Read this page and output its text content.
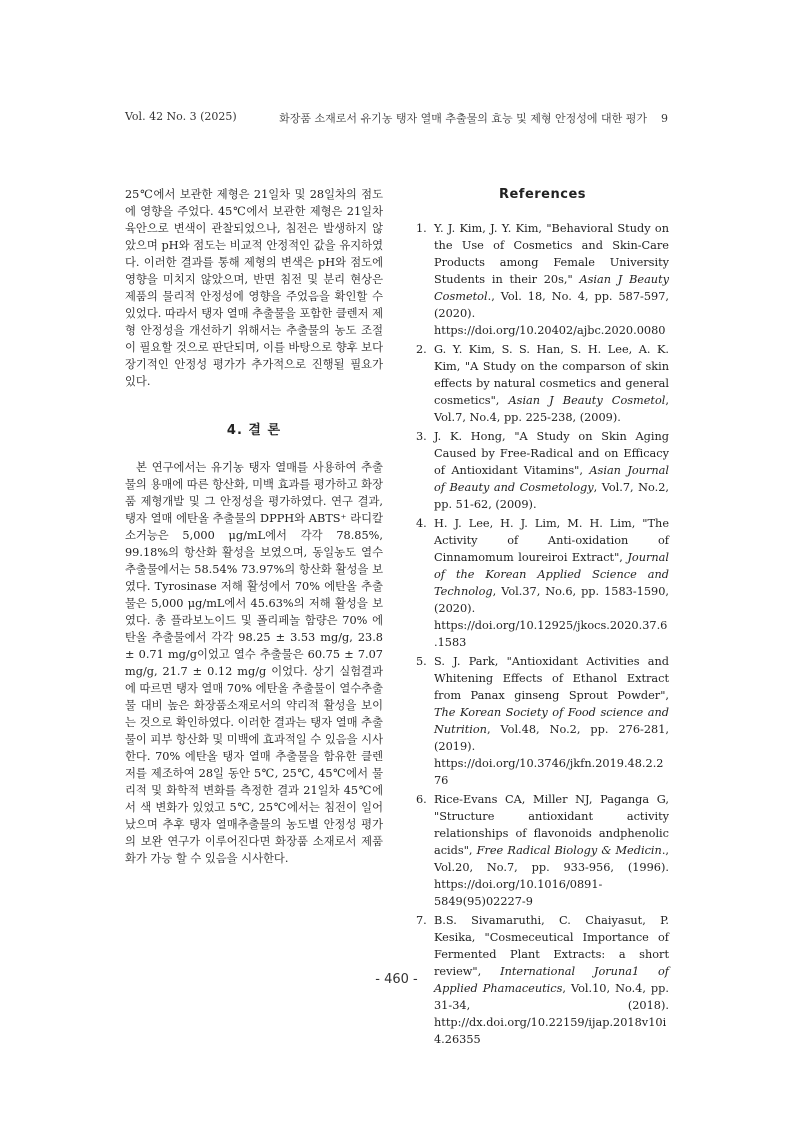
Vol. 42 No. 3 (2025)	화장품 소재로서 유기농 탱자 열매 추출물의 효능 및 제형 안정성에 대한 평가 9

25℃에서 보관한 제형은 21일차 및 28일차의 점도에 영향을 주었다. 45℃에서 보관한 제형은 21일차 육안으로 변색이 관찰되었으나, 침전은 발생하지 않았으며 pH와 점도는 비교적 안정적인 값을 유지하였다. 이러한 결과를 통해 제형의 변색은 pH와 점도에 영향을 미치지 않았으며, 반면 침전 및 분리 현상은 제품의 물리적 안정성에 영향을 주었음을 확인할 수 있었다. 따라서 탱자 열매 추출물을 포함한 클렌저 제형 안정성을 개선하기 위해서는 추출물의 농도 조절이 필요할 것으로 판단되며, 이를 바탕으로 향후 보다 장기적인 안정성 평가가 추가적으로 진행될 필요가 있다.

4. 결 론

본 연구에서는 유기농 탱자 열매를 사용하여 추출물의 용매에 따른 항산화, 미백 효과를 평가하고 화장품 제형개발 및 그 안정성을 평가하였다. 연구 결과, 탱자 열매 에탄올 추출물의 DPPH와 ABTS⁺ 라디칼 소거능은 5,000 μg/mL에서 각각 78.85%, 99.18%의 항산화 활성을 보였으며, 동일농도 열수 추출물에서는 58.54% 73.97%의 항산화 활성을 보였다. Tyrosinase 저해 활성에서 70% 에탄올 추출물은 5,000 μg/mL에서 45.63%의 저해 활성을 보였다. 총 플라보노이드 및 폴리페놀 함량은 70% 에탄올 추출물에서 각각 98.25 ± 3.53 mg/g, 23.8 ± 0.71 mg/g이었고 열수 추출물은 60.75 ± 7.07 mg/g, 21.7 ± 0.12 mg/g 이었다. 상기 실험결과에 따르면 탱자 열매 70% 에탄올 추출물이 열수추출물 대비 높은 화장품소재로서의 약리적 활성을 보이는 것으로 확인하였다. 이러한 결과는 탱자 열매 추출물이 피부 항산화 및 미백에 효과적일 수 있음을 시사한다. 70% 에탄올 탱자 열매 추출물을 함유한 클렌저를 제조하여 28일 동안 5℃, 25℃, 45℃에서 물리적 및 화학적 변화를 측정한 결과 21일차 45℃에서 색 변화가 있었고 5℃, 25℃에서는 침전이 일어났으며 추후 탱자 열매추출물의 농도별 안정성 평가의 보완 연구가 이루어진다면 화장품 소재로서 제품화가 가능 할 수 있음을 시사한다.

References
1. Y. J. Kim, J. Y. Kim, "Behavioral Study on the Use of Cosmetics and Skin-Care Products among Female University Students in their 20s," Asian J Beauty Cosmetol., Vol. 18, No. 4, pp. 587-597, (2020). https://doi.org/10.20402/ajbc.2020.0080
2. G. Y. Kim, S. S. Han, S. H. Lee, A. K. Kim, "A Study on the comparson of skin effects by natural cosmetics and general cosmetics", Asian J Beauty Cosmetol, Vol.7, No.4, pp. 225-238, (2009).
3. J. K. Hong, "A Study on Skin Aging Caused by Free-Radical and on Efficacy of Antioxidant Vitamins", Asian Journal of Beauty and Cosmetology, Vol.7, No.2, pp. 51-62, (2009).
4. H. J. Lee, H. J. Lim, M. H. Lim, "The Activity of Anti-oxidation of Cinnamomum loureiroi Extract", Journal of the Korean Applied Science and Technolog, Vol.37, No.6, pp. 1583-1590, (2020). https://doi.org/10.12925/jkocs.2020.37.6.1583
5. S. J. Park, "Antioxidant Activities and Whitening Effects of Ethanol Extract from Panax ginseng Sprout Powder", The Korean Society of Food science and Nutrition, Vol.48, No.2, pp. 276-281, (2019). https://doi.org/10.3746/jkfn.2019.48.2.276
6. Rice-Evans CA, Miller NJ, Paganga G, "Structure antioxidant activity relationships of flavonoids andphenolic acids", Free Radical Biology & Medicin., Vol.20, No.7, pp. 933-956, (1996). https://doi.org/10.1016/0891-5849(95)02227-9
7. B.S. Sivamaruthi, C. Chaiyasut, P. Kesika, "Cosmeceutical Importance of Fermented Plant Extracts: a short review", International Joruna1 of Applied Phamaceutics, Vol.10, No.4, pp. 31-34, (2018). http://dx.doi.org/10.22159/ijap.2018v10i4.26355
- 460 -
